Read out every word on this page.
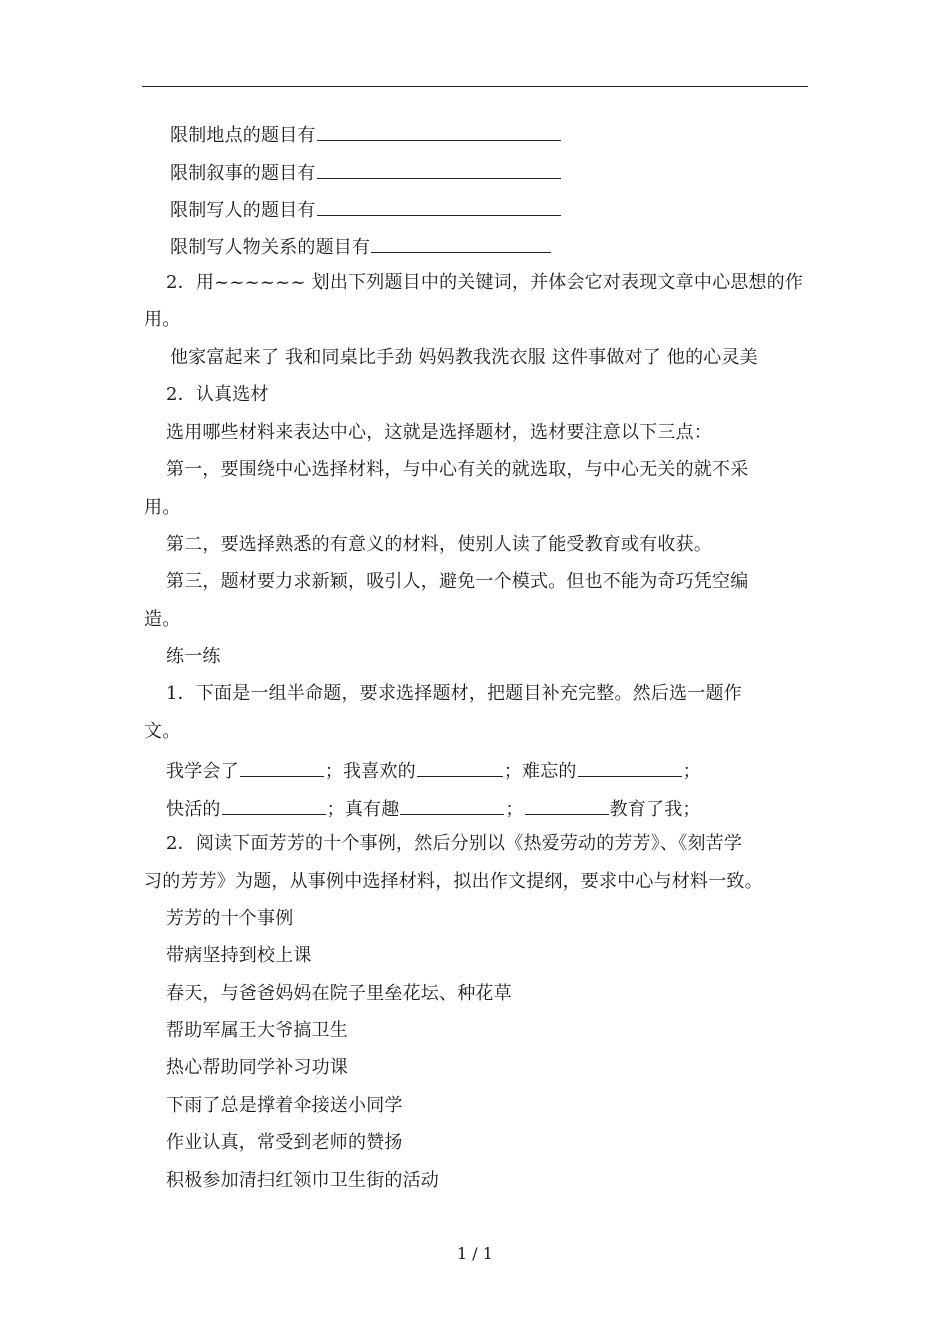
限制地点的题目有
限制叙事的题目有
限制写人的题目有
限制写人物关系的题目有
2．用~~~~~~ 划出下列题目中的关键词，并体会它对表现文章中心思想的作
用。
他家富起来了 我和同桌比手劲 妈妈教我洗衣服 这件事做对了 他的心灵美
2．认真选材
选用哪些材料来表达中心，这就是选择题材，选材要注意以下三点：
第一，要围绕中心选择材料，与中心有关的就选取，与中心无关的就不采
用。
第二，要选择熟悉的有意义的材料，使别人读了能受教育或有收获。
第三，题材要力求新颖，吸引人，避免一个模式。但也不能为奇巧凭空编
造。
练一练
1．下面是一组半命题，要求选择题材，把题目补充完整。然后选一题作
文。
我学会了	；我喜欢的	；难忘的	；
快活的	；真有趣	；	教育了我；
2．阅读下面芳芳的十个事例，然后分别以《热爱劳动的芳芳》、《刻苦学
习的芳芳》为题，从事例中选择材料，拟出作文提纲，要求中心与材料一致。
芳芳的十个事例
带病坚持到校上课
春天，与爸爸妈妈在院子里垒花坛、种花草
帮助军属王大爷搞卫生
热心帮助同学补习功课
下雨了总是撑着伞接送小同学
作业认真，常受到老师的赞扬
积极参加清扫红领巾卫生街的活动
1 / 1
